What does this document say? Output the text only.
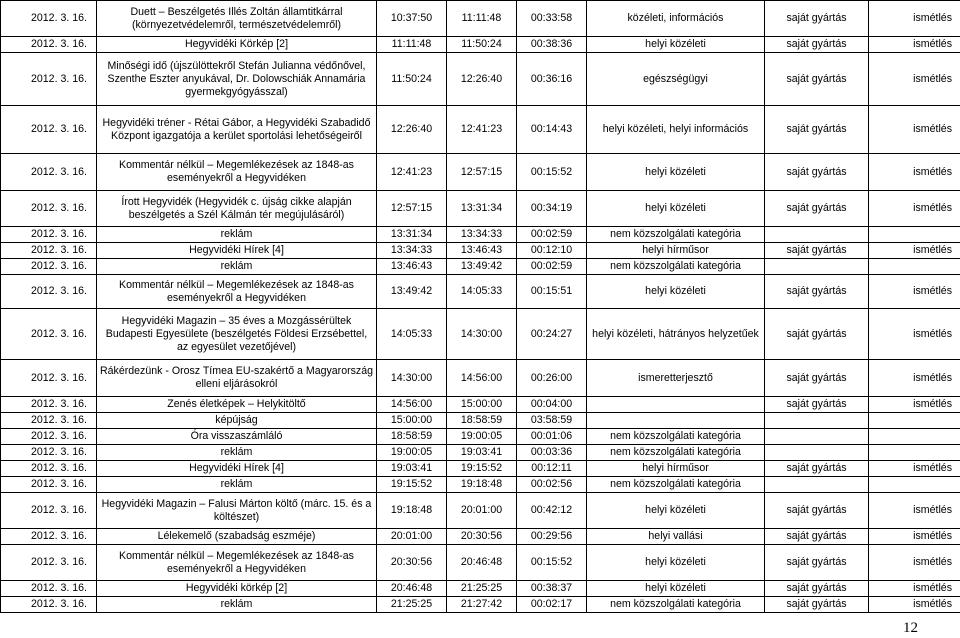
2012. 3. 16.	Duett – Beszélgetés Illés Zoltán államtitkárral (környezetvédelemről, természetvédelemről)	10:37:50	11:11:48	00:33:58	közéleti, információs	saját gyártás	ismétlés
2012. 3. 16.	Hegyvidéki Körkép [2]	11:11:48	11:50:24	00:38:36	helyi közéleti	saját gyártás	ismétlés
2012. 3. 16.	Minőségi idő (újszülöttekről Stefán Julianna védőnővel, Szenthe Eszter anyukával, Dr. Dolowschiák Annamária gyermekgyógyásszal)	11:50:24	12:26:40	00:36:16	egészségügyi	saját gyártás	ismétlés
2012. 3. 16.	Hegyvidéki tréner - Rétai Gábor, a Hegyvidéki Szabadidő Központ igazgatója a kerület sportolási lehetőségeiről	12:26:40	12:41:23	00:14:43	helyi közéleti, helyi információs	saját gyártás	ismétlés
2012. 3. 16.	Kommentár nélkül – Megemlékezések az 1848-as eseményekről a Hegyvidéken	12:41:23	12:57:15	00:15:52	helyi közéleti	saját gyártás	ismétlés
2012. 3. 16.	Írott Hegyvidék (Hegyvidék c. újság cikke alapján beszélgetés a Szél Kálmán tér megújulásáról)	12:57:15	13:31:34	00:34:19	helyi közéleti	saját gyártás	ismétlés
2012. 3. 16.	reklám	13:31:34	13:34:33	00:02:59	nem közszolgálati kategória		
2012. 3. 16.	Hegyvidéki Hírek [4]	13:34:33	13:46:43	00:12:10	helyi hírműsor	saját gyártás	ismétlés
2012. 3. 16.	reklám	13:46:43	13:49:42	00:02:59	nem közszolgálati kategória		
2012. 3. 16.	Kommentár nélkül – Megemlékezések az 1848-as eseményekről a Hegyvidéken	13:49:42	14:05:33	00:15:51	helyi közéleti	saját gyártás	ismétlés
2012. 3. 16.	Hegyvidéki Magazin – 35 éves a Mozgássérültek Budapesti Egyesülete (beszélgetés Földesi Erzsébettel, az egyesület vezetőjével)	14:05:33	14:30:00	00:24:27	helyi közéleti, hátrányos helyzetűek	saját gyártás	ismétlés
2012. 3. 16.	Rákérdezünk - Orosz Tímea EU-szakértő a Magyarország elleni eljárásokról	14:30:00	14:56:00	00:26:00	ismeretterjesztő	saját gyártás	ismétlés
2012. 3. 16.	Zenés életképek – Helykitöltő	14:56:00	15:00:00	00:04:00		saját gyártás	ismétlés
2012. 3. 16.	képújság	15:00:00	18:58:59	03:58:59			
2012. 3. 16.	Óra visszaszámláló	18:58:59	19:00:05	00:01:06	nem közszolgálati kategória		
2012. 3. 16.	reklám	19:00:05	19:03:41	00:03:36	nem közszolgálati kategória		
2012. 3. 16.	Hegyvidéki Hírek [4]	19:03:41	19:15:52	00:12:11	helyi hírműsor	saját gyártás	ismétlés
2012. 3. 16.	reklám	19:15:52	19:18:48	00:02:56	nem közszolgálati kategória		
2012. 3. 16.	Hegyvidéki Magazin – Falusi Márton költő (márc. 15. és a költészet)	19:18:48	20:01:00	00:42:12	helyi közéleti	saját gyártás	ismétlés
2012. 3. 16.	Lélekemelő (szabadság eszméje)	20:01:00	20:30:56	00:29:56	helyi vallási	saját gyártás	ismétlés
2012. 3. 16.	Kommentár nélkül – Megemlékezések az 1848-as eseményekről a Hegyvidéken	20:30:56	20:46:48	00:15:52	helyi közéleti	saját gyártás	ismétlés
2012. 3. 16.	Hegyvidéki körkép [2]	20:46:48	21:25:25	00:38:37	helyi közéleti	saját gyártás	ismétlés
2012. 3. 16.	reklám	21:25:25	21:27:42	00:02:17	nem közszolgálati kategória	saját gyártás	ismétlés
12
